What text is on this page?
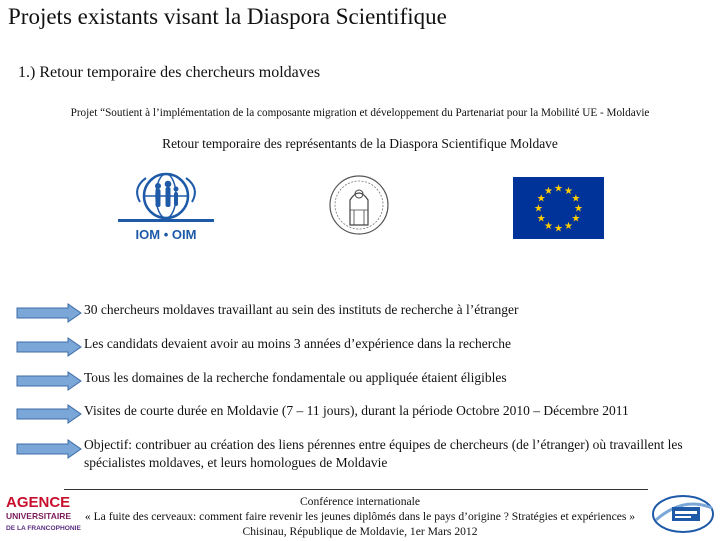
Projets existants visant la Diaspora Scientifique
1.) Retour temporaire des chercheurs moldaves
Projet “Soutient à l’implémentation de la composante migration et développement du Partenariat pour la Mobilité UE - Moldavie
Retour temporaire des représentants de la Diaspora Scientifique Moldave
IOM • OIM
★ ★
★
★
★
★
★
★
★
★
★
★
30 chercheurs moldaves travaillant au sein des instituts de recherche à l’étranger
Les candidats devaient avoir au moins 3 années d’expérience dans la recherche
Tous les domaines de la recherche fondamentale ou appliquée étaient éligibles
Visites de courte durée en Moldavie (7 – 11 jours), durant la période Octobre 2010 – Décembre 2011
Objectif: contribuer au création des liens pérennes entre équipes de chercheurs (de l’étranger) où travaillent les spécialistes moldaves, et leurs homologues de Moldavie
AGENCE
UNIVERSITAIRE
DE LA FRANCOPHONIE
Conférence internationale
« La fuite des cerveaux: comment faire revenir les jeunes diplômés dans le pays d’origine ? Stratégies et expériences »
Chisinau, République de Moldavie, 1er Mars 2012
